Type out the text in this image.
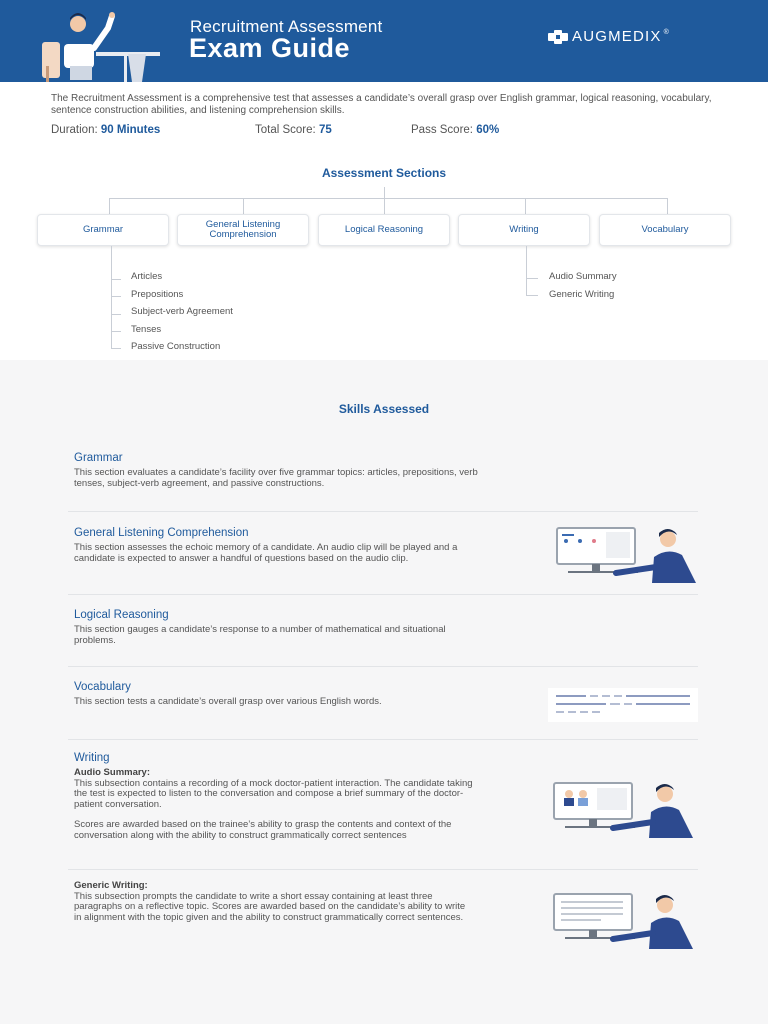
Recruitment Assessment
Exam Guide	AUGMEDIX ®
The Recruitment Assessment is a comprehensive test that assesses a candidate’s overall grasp over English grammar, logical reasoning, vocabulary, sentence construction abilities, and listening comprehension skills.
Duration: 90 Minutes	Total Score: 75	Pass Score: 60%
Assessment Sections
Grammar	General Listening Comprehension	Logical Reasoning	Writing	Vocabulary
Articles
Prepositions
Subject-verb Agreement
Tenses
Passive Construction
Audio Summary
Generic Writing
Skills Assessed
Grammar
This section evaluates a candidate’s facility over five grammar topics: articles, prepositions, verb tenses, subject-verb agreement, and passive constructions.
General Listening Comprehension
This section assesses the echoic memory of a candidate. An audio clip will be played and a candidate is expected to answer a handful of questions based on the audio clip.
Logical Reasoning
This section gauges a candidate’s response to a number of mathematical and situational problems.
Vocabulary
This section tests a candidate’s overall grasp over various English words.
Writing
Audio Summary:
This subsection contains a recording of a mock doctor-patient interaction. The candidate taking the test is expected to listen to the conversation and compose a brief summary of the doctor-patient conversation.
Scores are awarded based on the trainee’s ability to grasp the contents and context of the conversation along with the ability to construct grammatically correct sentences
Generic Writing:
This subsection prompts the candidate to write a short essay containing at least three paragraphs on a reflective topic. Scores are awarded based on the candidate’s ability to write in alignment with the topic given and the ability to construct grammatically correct sentences.
